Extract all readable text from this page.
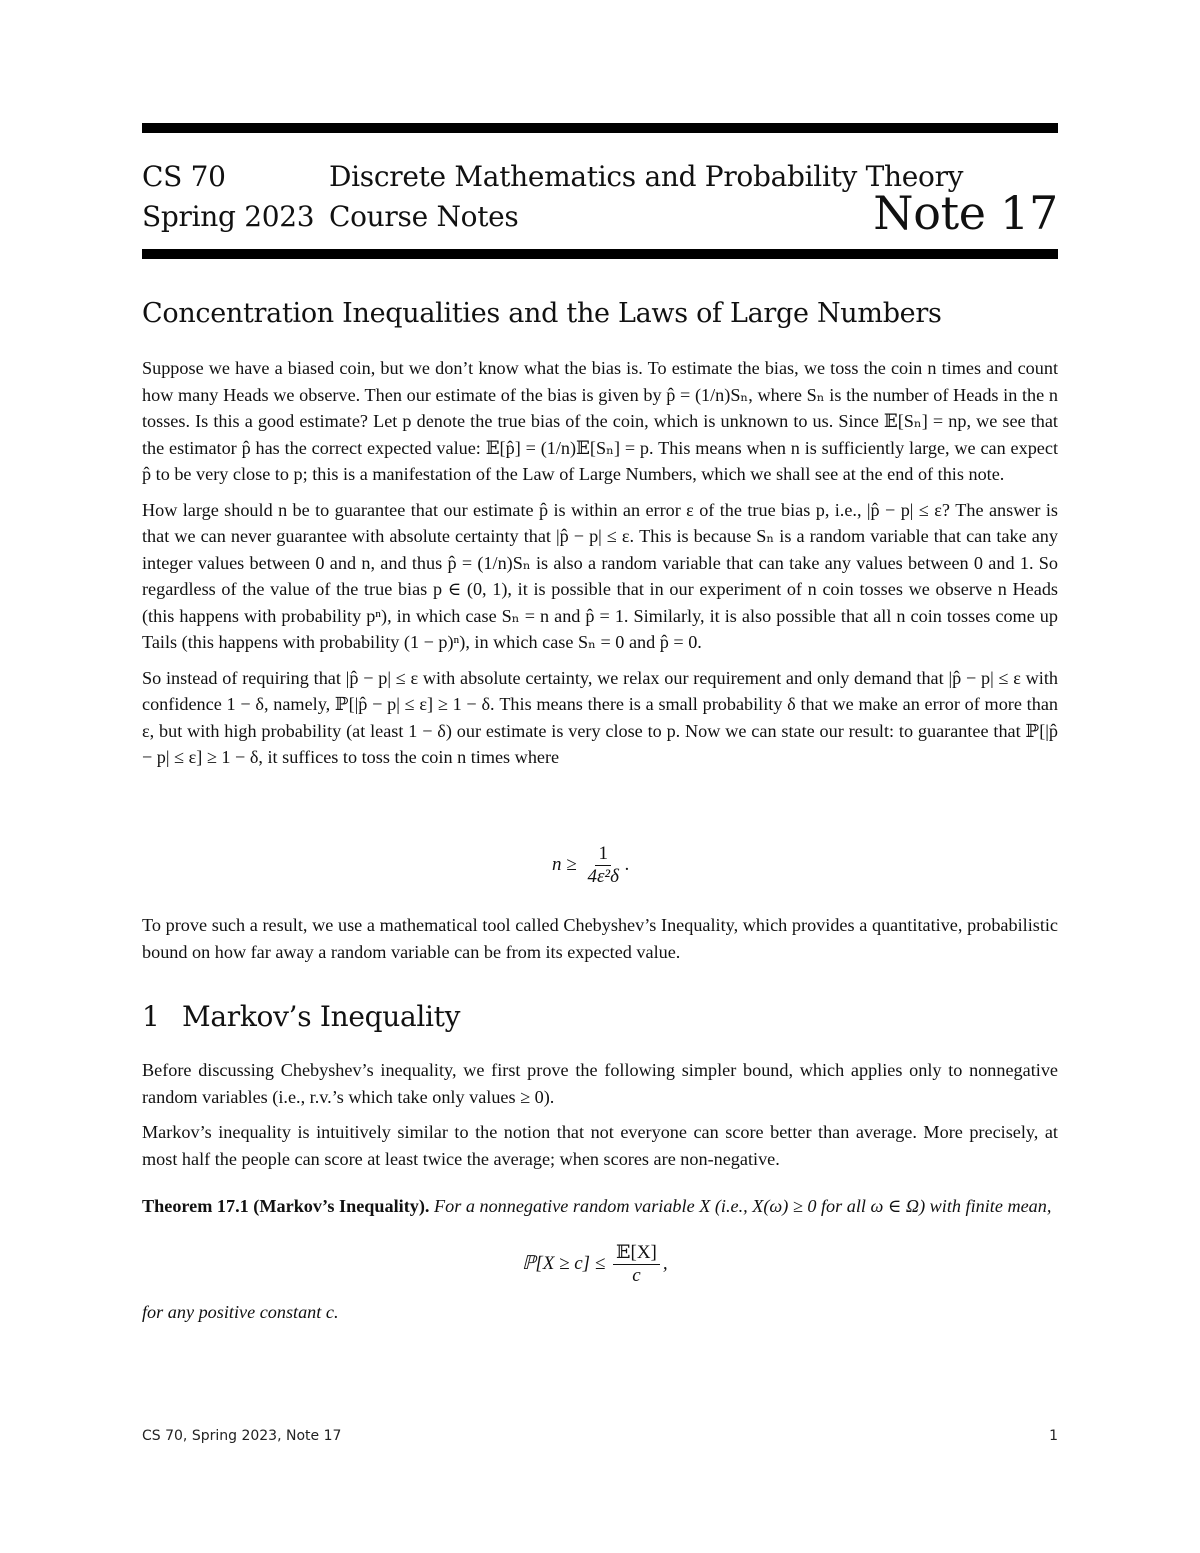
CS 70
Spring 2023
Discrete Mathematics and Probability Theory
Course Notes	Note 17
Concentration Inequalities and the Laws of Large Numbers

Suppose we have a biased coin, but we don’t know what the bias is. To estimate the bias, we toss the coin n times and count how many Heads we observe. Then our estimate of the bias is given by p̂ = (1/n)Sₙ, where Sₙ is the number of Heads in the n tosses. Is this a good estimate? Let p denote the true bias of the coin, which is unknown to us. Since 𝔼[Sₙ] = np, we see that the estimator p̂ has the correct expected value: 𝔼[p̂] = (1/n)𝔼[Sₙ] = p. This means when n is sufficiently large, we can expect p̂ to be very close to p; this is a manifestation of the Law of Large Numbers, which we shall see at the end of this note.

How large should n be to guarantee that our estimate p̂ is within an error ε of the true bias p, i.e., |p̂ − p| ≤ ε? The answer is that we can never guarantee with absolute certainty that |p̂ − p| ≤ ε. This is because Sₙ is a random variable that can take any integer values between 0 and n, and thus p̂ = (1/n)Sₙ is also a random variable that can take any values between 0 and 1. So regardless of the value of the true bias p ∈ (0, 1), it is possible that in our experiment of n coin tosses we observe n Heads (this happens with probability pⁿ), in which case Sₙ = n and p̂ = 1. Similarly, it is also possible that all n coin tosses come up Tails (this happens with probability (1 − p)ⁿ), in which case Sₙ = 0 and p̂ = 0.

So instead of requiring that |p̂ − p| ≤ ε with absolute certainty, we relax our requirement and only demand that |p̂ − p| ≤ ε with confidence 1 − δ, namely, ℙ[|p̂ − p| ≤ ε] ≥ 1 − δ. This means there is a small probability δ that we make an error of more than ε, but with high probability (at least 1 − δ) our estimate is very close to p. Now we can state our result: to guarantee that ℙ[|p̂ − p| ≤ ε] ≥ 1 − δ, it suffices to toss the coin n times where

$n \ge \frac{1}{\text{4ε²δ}}$ .

To prove such a result, we use a mathematical tool called Chebyshev’s Inequality, which provides a quantitative, probabilistic bound on how far away a random variable can be from its expected value.

1 Markov’s Inequality

Before discussing Chebyshev’s inequality, we first prove the following simpler bound, which applies only to nonnegative random variables (i.e., r.v.’s which take only values ≥ 0).

Markov’s inequality is intuitively similar to the notion that not everyone can score better than average. More precisely, at most half the people can score at least twice the average; when scores are non-negative.

Theorem 17.1 (Markov’s Inequality). For a nonnegative random variable X (i.e., X(ω) ≥ 0 for all ω ∈ Ω) with finite mean,
ℙ[X ≥ $c] \le \frac{\text{𝔼[X]}}{c}$ ,
for any positive constant c.
CS 70, Spring 2023, Note 17	1
